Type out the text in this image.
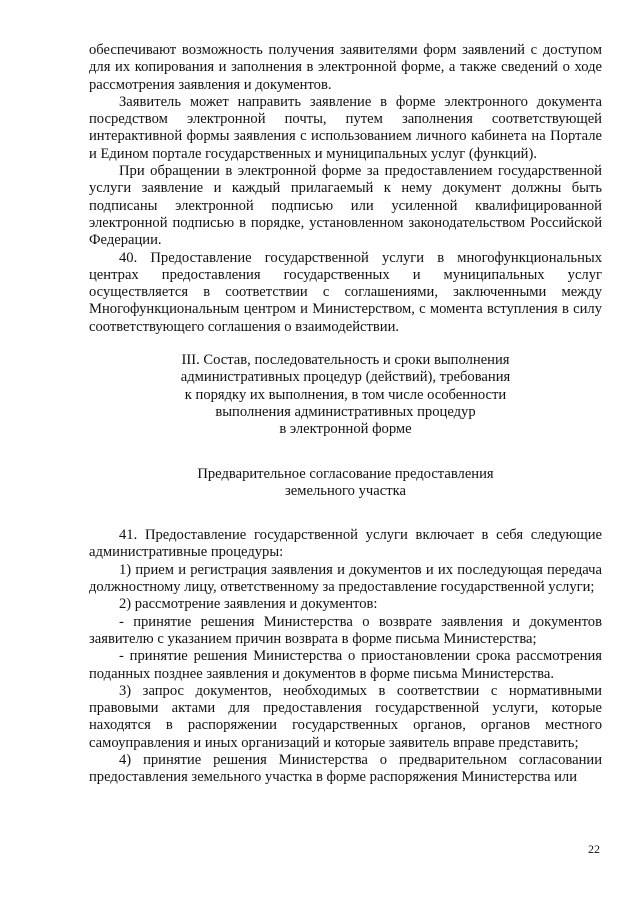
обеспечивают возможность получения заявителями форм заявлений с доступом для их копирования и заполнения в электронной форме, а также сведений о ходе рассмотрения заявления и документов.

Заявитель может направить заявление в форме электронного документа посредством электронной почты, путем заполнения соответствующей интерактивной формы заявления с использованием личного кабинета на Портале и Едином портале государственных и муниципальных услуг (функций).

При обращении в электронной форме за предоставлением государственной услуги заявление и каждый прилагаемый к нему документ должны быть подписаны электронной подписью или усиленной квалифицированной электронной подписью в порядке, установленном законодательством Российской Федерации.

40. Предоставление государственной услуги в многофункциональных центрах предоставления государственных и муниципальных услуг осуществляется в соответствии с соглашениями, заключенными между Многофункциональным центром и Министерством, с момента вступления в силу соответствующего соглашения о взаимодействии.

III. Состав, последовательность и сроки выполнения

административных процедур (действий), требования

к порядку их выполнения, в том числе особенности

выполнения административных процедур

в электронной форме

Предварительное согласование предоставления

земельного участка

41. Предоставление государственной услуги включает в себя следующие административные процедуры:

1) прием и регистрация заявления и документов и их последующая передача должностному лицу, ответственному за предоставление государственной услуги;

2) рассмотрение заявления и документов:

- принятие решения Министерства о возврате заявления и документов заявителю с указанием причин возврата в форме письма Министерства;

- принятие решения Министерства о приостановлении срока рассмотрения поданных позднее заявления и документов в форме письма Министерства.

3) запрос документов, необходимых в соответствии с нормативными правовыми актами для предоставления государственной услуги, которые находятся в распоряжении государственных органов, органов местного самоуправления и иных организаций и которые заявитель вправе представить;

4) принятие решения Министерства о предварительном согласовании предоставления земельного участка в форме распоряжения Министерства или

22
